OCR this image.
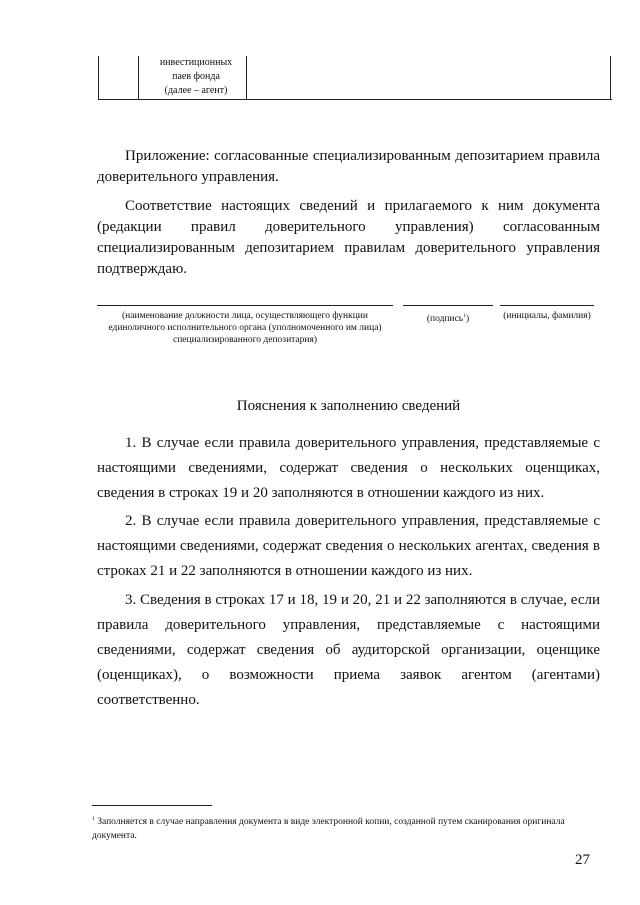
инвестиционных
паев фонда
(далее – агент)
Приложение: согласованные специализированным депозитарием правила доверительного управления.
Соответствие настоящих сведений и прилагаемого к ним документа (редакции правил доверительного управления) согласованным специализированным депозитарием правилам доверительного управления подтверждаю.
(наименование должности лица, осуществляющего функции единоличного исполнительного органа (уполномоченного им лица) специализированного депозитария)
(подпись$^1$)	(инициалы, фамилия)
Пояснения к заполнению сведений
1. В случае если правила доверительного управления, представляемые с настоящими сведениями, содержат сведения о нескольких оценщиках, сведения в строках 19 и 20 заполняются в отношении каждого из них.
2. В случае если правила доверительного управления, представляемые с настоящими сведениями, содержат сведения о нескольких агентах, сведения в строках 21 и 22 заполняются в отношении каждого из них.
3. Сведения в строках 17 и 18, 19 и 20, 21 и 22 заполняются в случае, если правила доверительного управления, представляемые с настоящими сведениями, содержат сведения об аудиторской организации, оценщике (оценщиках), о возможности приема заявок агентом (агентами) соответственно.
$^1$ Заполняется в случае направления документа в виде электронной копии, созданной путем сканирования оригинала документа.
27
